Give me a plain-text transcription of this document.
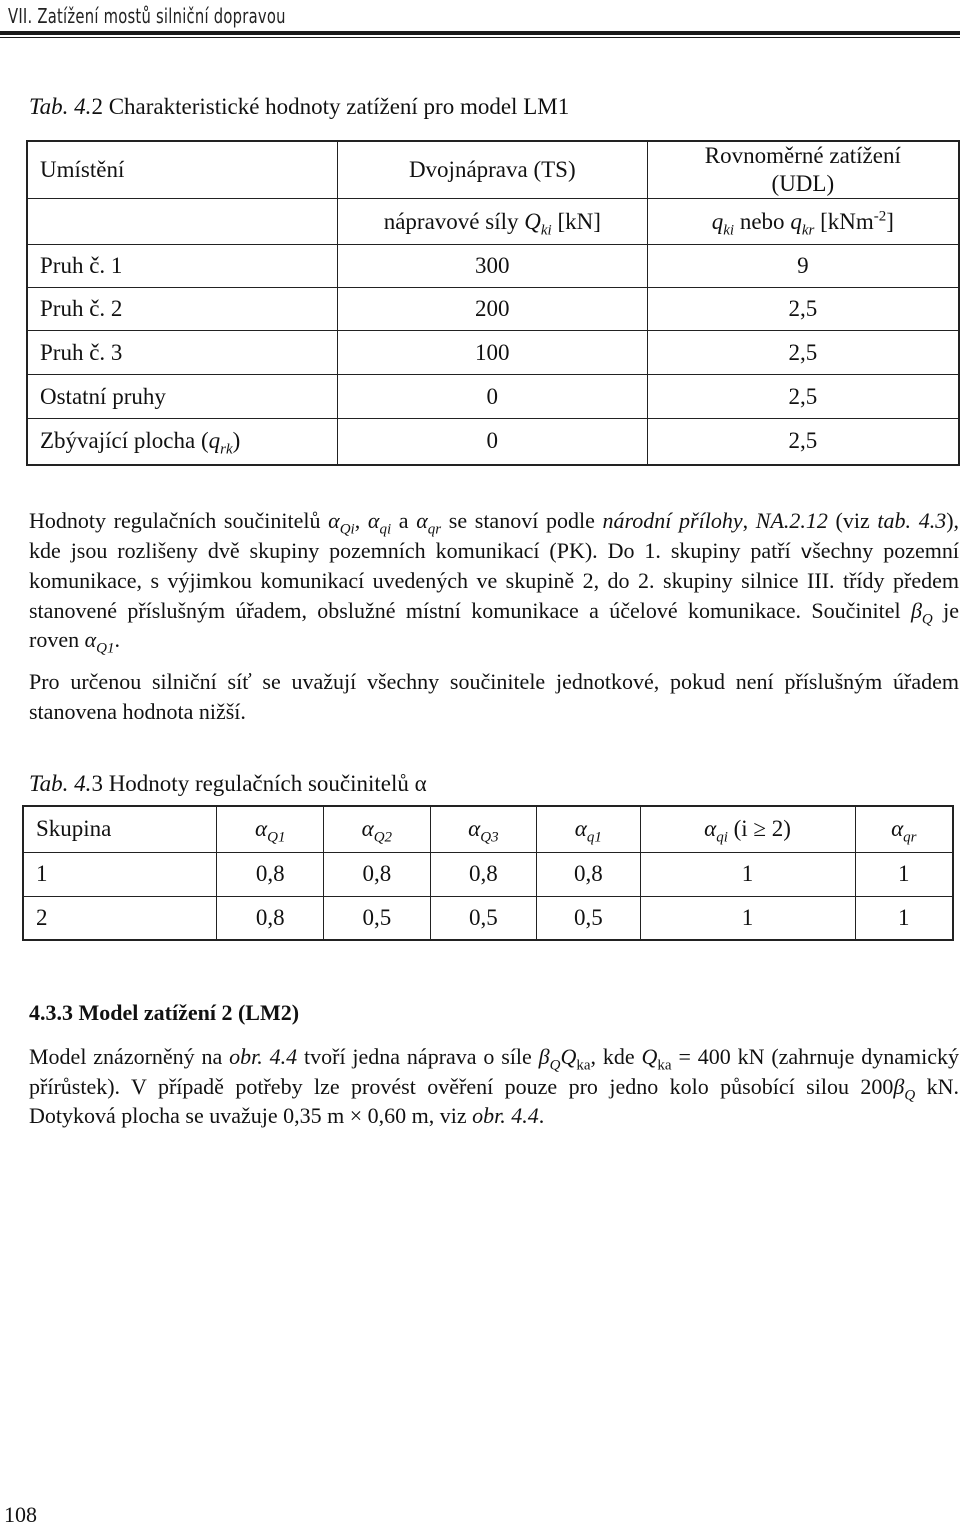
VII. Zatížení mostů silniční dopravou
Tab. 4.2 Charakteristické hodnoty zatížení pro model LM1
Umístění	Dvojnáprava (TS)	Rovnoměrné zatížení
(UDL)
	nápravové síly $Q_{ki}$ [kN]	$q_{ki}$ nebo $q_{kr}$ [kNm$^{-2}$]
Pruh č. 1	300	9
Pruh č. 2	200	2,5
Pruh č. 3	100	2,5
Ostatní pruhy	0	2,5
Zbývající plocha $(q_{rk})$	0	2,5
Hodnoty regulačních součinitelů $\alpha_{Qi}$, $\alpha_{qi}$ a $\alpha_{qr}$ se stanoví podle národní přílohy, NA.2.12 (viz tab. 4.3), kde jsou rozlišeny dvě skupiny pozemních komunikací (PK). Do 1. skupiny patří všechny pozemní komunikace, s výjimkou komunikací uvedených ve skupině 2, do 2. skupiny silnice III. třídy předem stanovené příslušným úřadem, obslužné místní komunikace a účelové komunikace. Součinitel $\beta_Q$ je roven $\alpha_{Q1}$.
Pro určenou silniční síť se uvažují všechny součinitele jednotkové, pokud není příslušným úřadem stanovena hodnota nižší.
Tab. 4.3 Hodnoty regulačních součinitelů α
Skupina	$\alpha_{Q1}$	$\alpha_{Q2}$	$\alpha_{Q3}$	$\alpha_{q1}$	$\alpha_{qi}$ (i ≥ 2)	$\alpha_{qr}$
1	0,8	0,8	0,8	0,8	1	1
2	0,8	0,5	0,5	0,5	1	1
4.3.3 Model zatížení 2 (LM2)
Model znázorněný na obr. 4.4 tvoří jedna náprava o síle $\beta_QQ_{ka}$, kde $Q_{ka} = 400$ kN (zahrnuje dynamický přírůstek). V případě potřeby lze provést ověření pouze pro jedno kolo působící silou $200\beta_Q$ kN. Dotyková plocha se uvažuje 0,35 m × 0,60 m, viz obr. 4.4.
108
